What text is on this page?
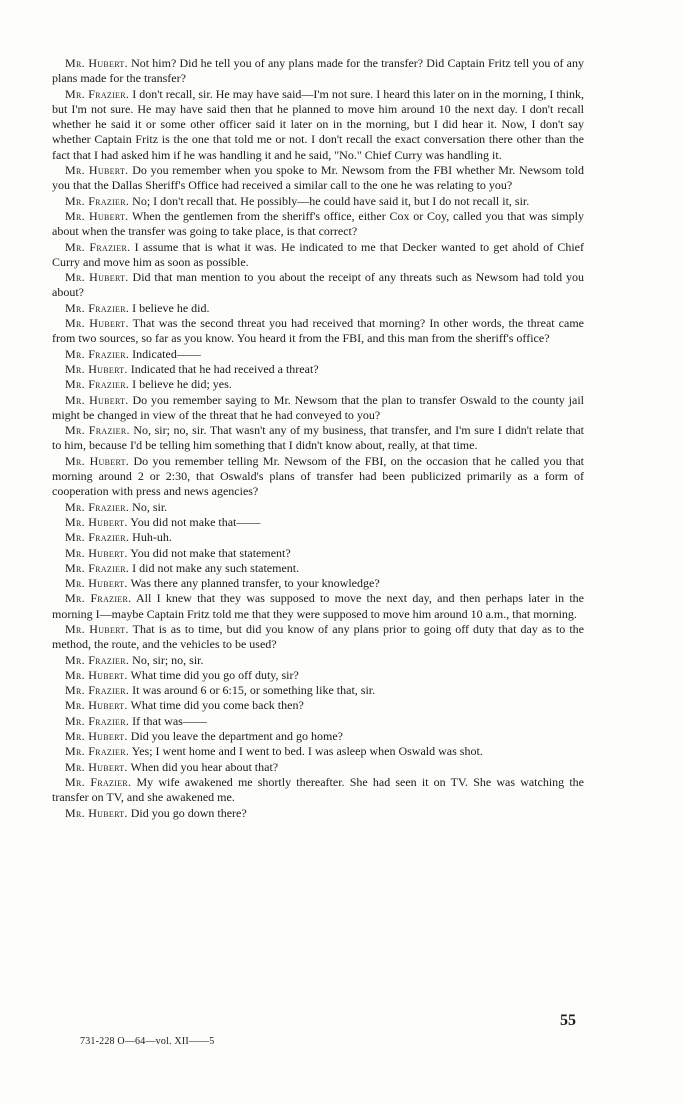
Mr. Hubert. Not him? Did he tell you of any plans made for the transfer? Did Captain Fritz tell you of any plans made for the transfer?

Mr. Frazier. I don't recall, sir. He may have said—I'm not sure. I heard this later on in the morning, I think, but I'm not sure. He may have said then that he planned to move him around 10 the next day. I don't recall whether he said it or some other officer said it later on in the morning, but I did hear it. Now, I don't say whether Captain Fritz is the one that told me or not. I don't recall the exact conversation there other than the fact that I had asked him if he was handling it and he said, "No." Chief Curry was handling it.

Mr. Hubert. Do you remember when you spoke to Mr. Newsom from the FBI whether Mr. Newsom told you that the Dallas Sheriff's Office had received a similar call to the one he was relating to you?

Mr. Frazier. No; I don't recall that. He possibly—he could have said it, but I do not recall it, sir.

Mr. Hubert. When the gentlemen from the sheriff's office, either Cox or Coy, called you that was simply about when the transfer was going to take place, is that correct?

Mr. Frazier. I assume that is what it was. He indicated to me that Decker wanted to get ahold of Chief Curry and move him as soon as possible.

Mr. Hubert. Did that man mention to you about the receipt of any threats such as Newsom had told you about?

Mr. Frazier. I believe he did.

Mr. Hubert. That was the second threat you had received that morning? In other words, the threat came from two sources, so far as you know. You heard it from the FBI, and this man from the sheriff's office?

Mr. Frazier. Indicated——

Mr. Hubert. Indicated that he had received a threat?

Mr. Frazier. I believe he did; yes.

Mr. Hubert. Do you remember saying to Mr. Newsom that the plan to transfer Oswald to the county jail might be changed in view of the threat that he had conveyed to you?

Mr. Frazier. No, sir; no, sir. That wasn't any of my business, that transfer, and I'm sure I didn't relate that to him, because I'd be telling him something that I didn't know about, really, at that time.

Mr. Hubert. Do you remember telling Mr. Newsom of the FBI, on the occasion that he called you that morning around 2 or 2:30, that Oswald's plans of transfer had been publicized primarily as a form of cooperation with press and news agencies?

Mr. Frazier. No, sir.

Mr. Hubert. You did not make that——

Mr. Frazier. Huh-uh.

Mr. Hubert. You did not make that statement?

Mr. Frazier. I did not make any such statement.

Mr. Hubert. Was there any planned transfer, to your knowledge?

Mr. Frazier. All I knew that they was supposed to move the next day, and then perhaps later in the morning I—maybe Captain Fritz told me that they were supposed to move him around 10 a.m., that morning.

Mr. Hubert. That is as to time, but did you know of any plans prior to going off duty that day as to the method, the route, and the vehicles to be used?

Mr. Frazier. No, sir; no, sir.

Mr. Hubert. What time did you go off duty, sir?

Mr. Frazier. It was around 6 or 6:15, or something like that, sir.

Mr. Hubert. What time did you come back then?

Mr. Frazier. If that was——

Mr. Hubert. Did you leave the department and go home?

Mr. Frazier. Yes; I went home and I went to bed. I was asleep when Oswald was shot.

Mr. Hubert. When did you hear about that?

Mr. Frazier. My wife awakened me shortly thereafter. She had seen it on TV. She was watching the transfer on TV, and she awakened me.

Mr. Hubert. Did you go down there?

55
731-228 O—64—vol. XII——5
